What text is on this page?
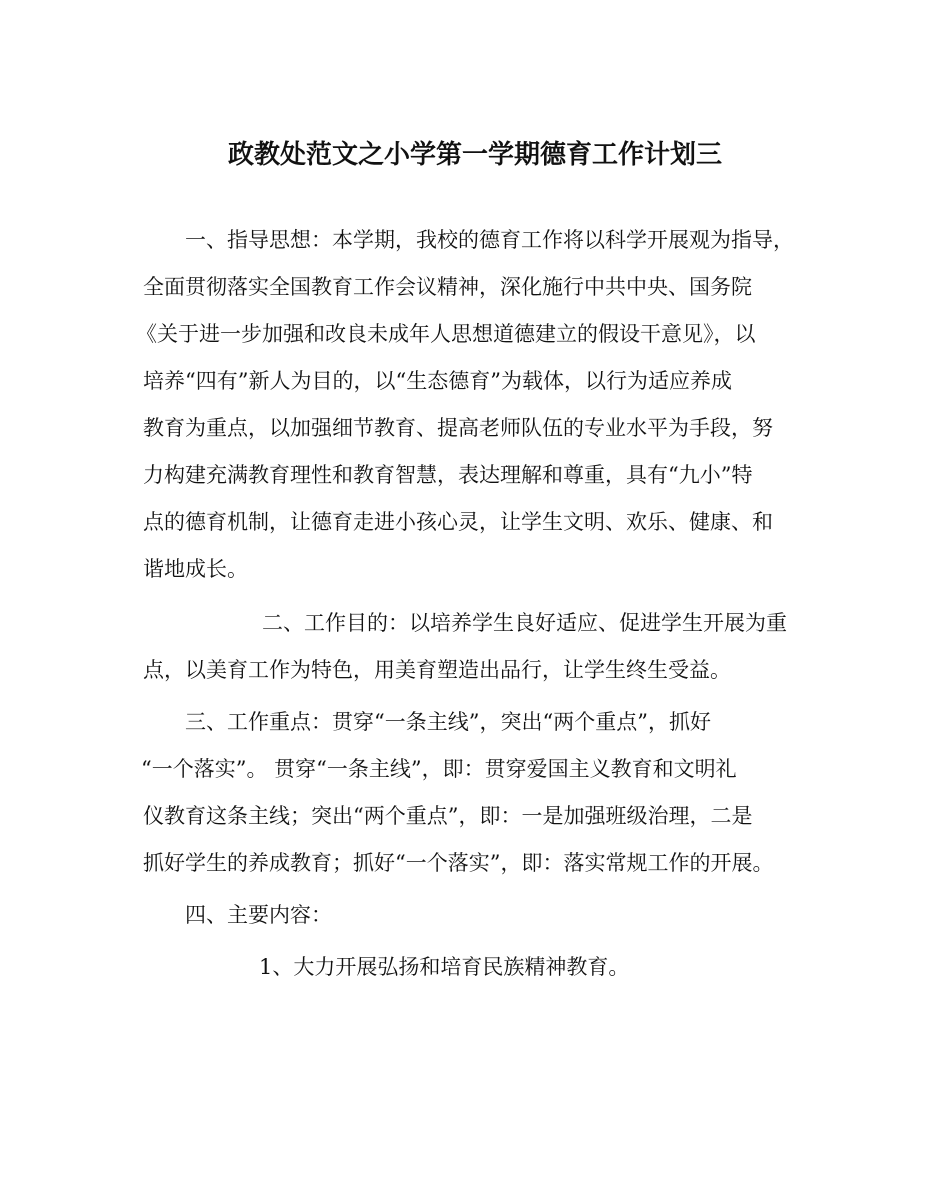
政教处范文之小学第一学期德育工作计划三
一、指导思想：本学期，我校的德育工作将以科学开展观为指导，
全面贯彻落实全国教育工作会议精神，深化施行中共中央、国务院
《关于进一步加强和改良未成年人思想道德建立的假设干意见》，以
培养“四有”新人为目的，以“生态德育”为载体，以行为适应养成
教育为重点，以加强细节教育、提高老师队伍的专业水平为手段，努
力构建充满教育理性和教育智慧，表达理解和尊重，具有“九小”特
点的德育机制，让德育走进小孩心灵，让学生文明、欢乐、健康、和
谐地成长。
二、工作目的：以培养学生良好适应、促进学生开展为重
点，以美育工作为特色，用美育塑造出品行，让学生终生受益。
三、工作重点：贯穿“一条主线”，突出“两个重点”，抓好
“一个落实”。 贯穿“一条主线”，即：贯穿爱国主义教育和文明礼
仪教育这条主线；突出“两个重点”，即：一是加强班级治理，二是
抓好学生的养成教育；抓好“一个落实”，即：落实常规工作的开展。
四、主要内容：
1、大力开展弘扬和培育民族精神教育。
